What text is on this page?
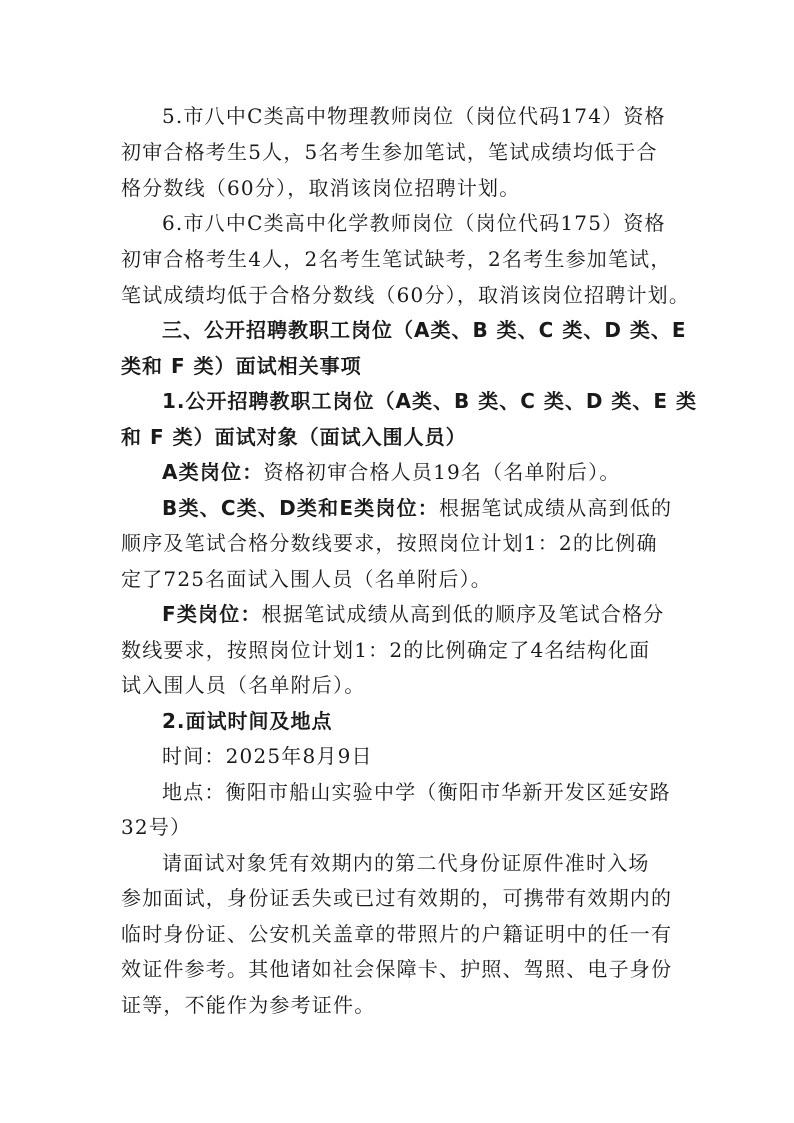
5.市八中C类高中物理教师岗位（岗位代码174）资格
初审合格考生5人，5名考生参加笔试，笔试成绩均低于合
格分数线（60分），取消该岗位招聘计划。
6.市八中C类高中化学教师岗位（岗位代码175）资格
初审合格考生4人，2名考生笔试缺考，2名考生参加笔试，
笔试成绩均低于合格分数线（60分），取消该岗位招聘计划。
三、公开招聘教职工岗位（A类、B 类、C 类、D 类、E
类和 F 类）面试相关事项
1.公开招聘教职工岗位（A类、B 类、C 类、D 类、E 类
和 F 类）面试对象（面试入围人员）
A类岗位：资格初审合格人员19名（名单附后）。
B类、C类、D类和E类岗位：根据笔试成绩从高到低的
顺序及笔试合格分数线要求，按照岗位计划1：2的比例确
定了725名面试入围人员（名单附后）。
F类岗位：根据笔试成绩从高到低的顺序及笔试合格分
数线要求，按照岗位计划1：2的比例确定了4名结构化面
试入围人员（名单附后）。
2.面试时间及地点
时间：2025年8月9日
地点：衡阳市船山实验中学（衡阳市华新开发区延安路
32号）
请面试对象凭有效期内的第二代身份证原件准时入场
参加面试，身份证丢失或已过有效期的，可携带有效期内的
临时身份证、公安机关盖章的带照片的户籍证明中的任一有
效证件参考。其他诸如社会保障卡、护照、驾照、电子身份
证等，不能作为参考证件。
